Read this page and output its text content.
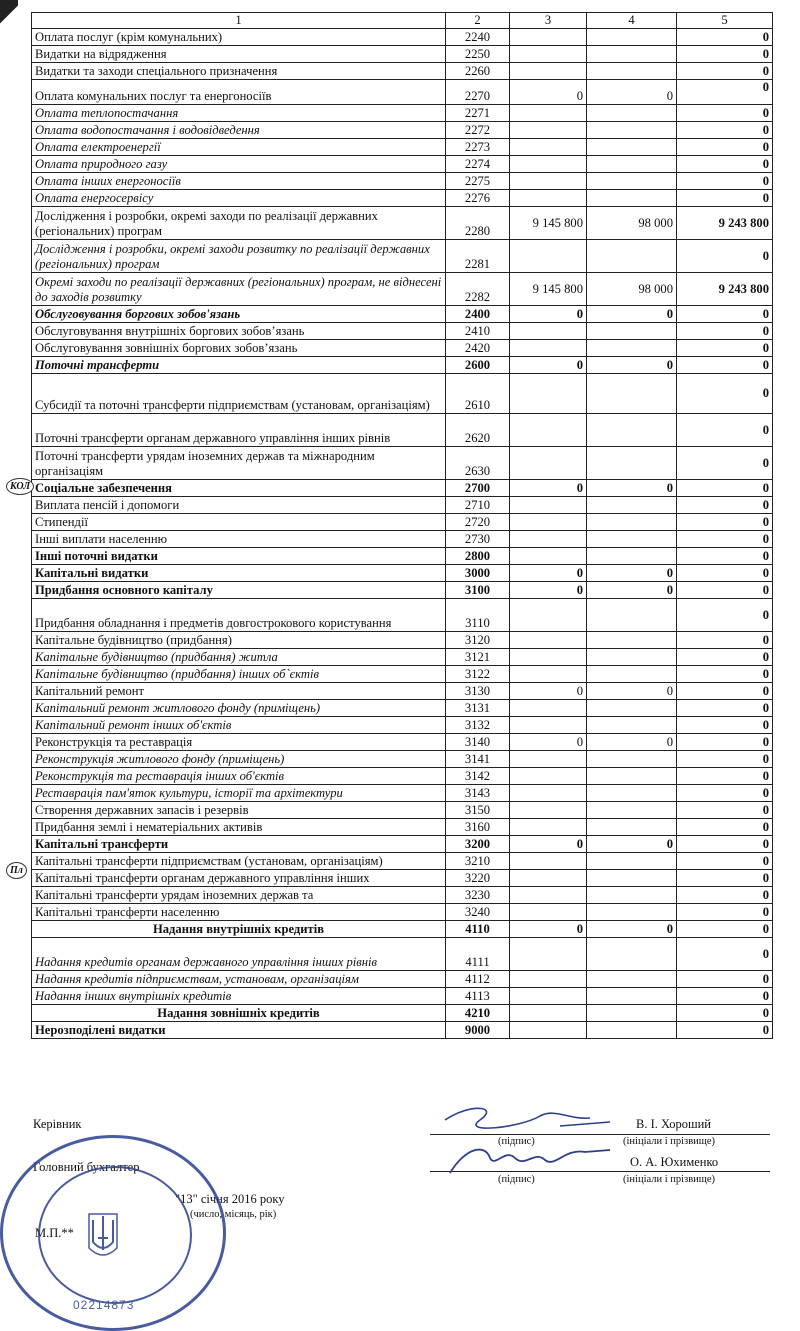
1	2	3	4	5
Оплата послуг (крім комунальних)	2240			0
Видатки на відрядження	2250			0
Видатки та заходи спеціального призначення	2260			0
Оплата комунальних послуг та енергоносіїв	2270	0	0	0
Оплата теплопостачання	2271			0
Оплата водопостачання і водовідведення	2272			0
Оплата електроенергії	2273			0
Оплата природного газу	2274			0
Оплата інших енергоносіїв	2275			0
Оплата енергосервісу	2276			0
Дослідження і розробки, окремі заходи по реалізації державних (регіональних) програм	2280	9 145 800	98 000	9 243 800
Дослідження і розробки, окремі заходи розвитку по реалізації державних (регіональних) програм	2281			0
Окремі заходи по реалізації державних (регіональних) програм, не віднесені до заходів розвитку	2282	9 145 800	98 000	9 243 800
Обслуговування боргових зобов'язань	2400	0	0	0
Обслуговування внутрішніх боргових зобов’язань	2410			0
Обслуговування зовнішніх боргових зобов’язань	2420			0
Поточні трансферти	2600	0	0	0
Субсидії та поточні трансферти підприємствам (установам, організаціям)	2610			0
Поточні трансферти органам державного управління інших рівнів	2620			0
Поточні трансферти урядам іноземних держав та міжнародним організаціям	2630			0
Соціальне забезпечення	2700	0	0	0
Виплата пенсій і допомоги	2710			0
Стипендії	2720			0
Інші виплати населенню	2730			0
Інші поточні видатки	2800			0
Капітальні видатки	3000	0	0	0
Придбання основного капіталу	3100	0	0	0
Придбання обладнання і предметів довгострокового користування	3110			0
Капітальне будівництво (придбання)	3120			0
Капітальне будівництво (придбання) житла	3121			0
Капітальне будівництво (придбання) інших об`єктів	3122			0
Капітальний ремонт	3130	0	0	0
Капітальний ремонт житлового фонду (приміщень)	3131			0
Капітальний ремонт інших об'єктів	3132			0
Реконструкція та реставрація	3140	0	0	0
Реконструкція житлового фонду (приміщень)	3141			0
Реконструкція та реставрація інших об'єктів	3142			0
Реставрація пам'яток культури, історії та архітектури	3143			0
Створення державних запасів і резервів	3150			0
Придбання землі і нематеріальних активів	3160			0
Капітальні трансферти	3200	0	0	0
Капітальні трансферти підприємствам (установам, організаціям)	3210			0
Капітальні трансферти органам державного управління інших	3220			0
Капітальні трансферти урядам іноземних держав та	3230			0
Капітальні трансферти населенню	3240			0
Надання внутрішніх кредитів	4110	0	0	0
Надання кредитів органам державного управління інших рівнів	4111			0
Надання кредитів підприємствам, установам, організаціям	4112			0
Надання інших внутрішніх кредитів	4113			0
Надання зовнішніх кредитів	4210			0
Нерозподілені видатки	9000			0
КОЛ
Пл
Керівник	В. І. Хороший
(підпис)	(ініціали і прізвище)
Головний бухгалтер	О. А. Юхименко
(підпис)	(ініціали і прізвище)
"13" січня 2016 року
(число, місяць, рік)
М.П.**
02214873
